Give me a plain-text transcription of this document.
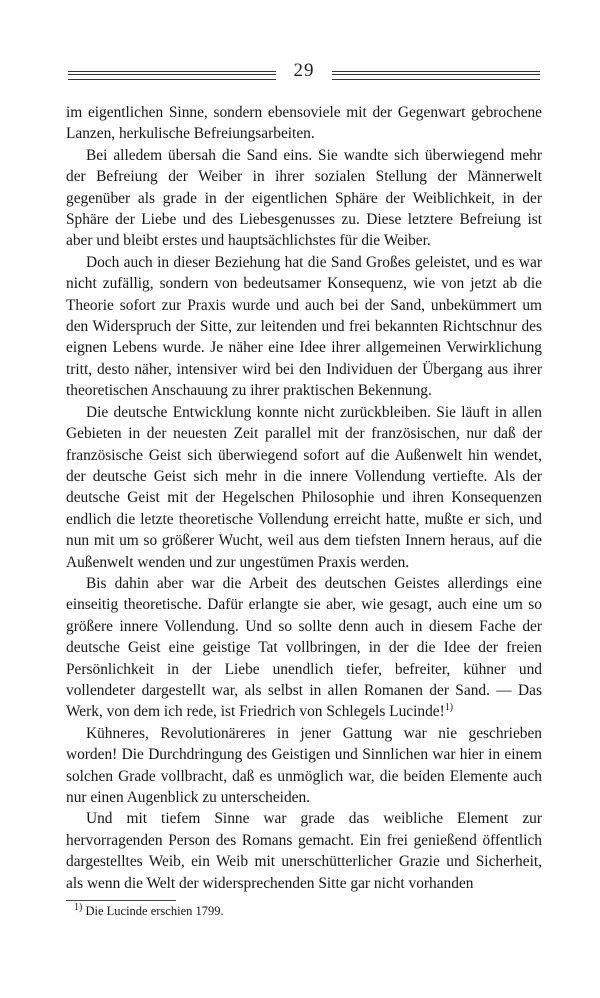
29

im eigentlichen Sinne, sondern ebensoviele mit der Gegenwart gebrochene Lanzen, herkulische Befreiungsarbeiten.

Bei alledem übersah die Sand eins. Sie wandte sich überwiegend mehr der Befreiung der Weiber in ihrer sozialen Stellung der Männerwelt gegenüber als grade in der eigentlichen Sphäre der Weiblichkeit, in der Sphäre der Liebe und des Liebesgenusses zu. Diese letztere Befreiung ist aber und bleibt erstes und hauptsächlichstes für die Weiber.

Doch auch in dieser Beziehung hat die Sand Großes geleistet, und es war nicht zufällig, sondern von bedeutsamer Konsequenz, wie von jetzt ab die Theorie sofort zur Praxis wurde und auch bei der Sand, unbekümmert um den Widerspruch der Sitte, zur leitenden und frei bekannten Richtschnur des eignen Lebens wurde. Je näher eine Idee ihrer allgemeinen Verwirklichung tritt, desto näher, intensiver wird bei den Individuen der Übergang aus ihrer theoretischen Anschauung zu ihrer praktischen Bekennung.

Die deutsche Entwicklung konnte nicht zurückbleiben. Sie läuft in allen Gebieten in der neuesten Zeit parallel mit der französischen, nur daß der französische Geist sich überwiegend sofort auf die Außenwelt hin wendet, der deutsche Geist sich mehr in die innere Vollendung vertiefte. Als der deutsche Geist mit der Hegelschen Philosophie und ihren Konsequenzen endlich die letzte theoretische Vollendung erreicht hatte, mußte er sich, und nun mit um so größerer Wucht, weil aus dem tiefsten Innern heraus, auf die Außenwelt wenden und zur ungestümen Praxis werden.

Bis dahin aber war die Arbeit des deutschen Geistes allerdings eine einseitig theoretische. Dafür erlangte sie aber, wie gesagt, auch eine um so größere innere Vollendung. Und so sollte denn auch in diesem Fache der deutsche Geist eine geistige Tat vollbringen, in der die Idee der freien Persönlichkeit in der Liebe unendlich tiefer, befreiter, kühner und vollendeter dargestellt war, als selbst in allen Romanen der Sand. — Das Werk, von dem ich rede, ist Friedrich von Schlegels Lucinde!$^{1)}$

Kühneres, Revolutionäreres in jener Gattung war nie geschrieben worden! Die Durchdringung des Geistigen und Sinnlichen war hier in einem solchen Grade vollbracht, daß es unmöglich war, die beiden Elemente auch nur einen Augenblick zu unterscheiden.

Und mit tiefem Sinne war grade das weibliche Element zur hervorragenden Person des Romans gemacht. Ein frei genießend öffentlich dargestelltes Weib, ein Weib mit unerschütterlicher Grazie und Sicherheit, als wenn die Welt der widersprechenden Sitte gar nicht vorhanden

$^{1)}$ Die Lucinde erschien 1799.
